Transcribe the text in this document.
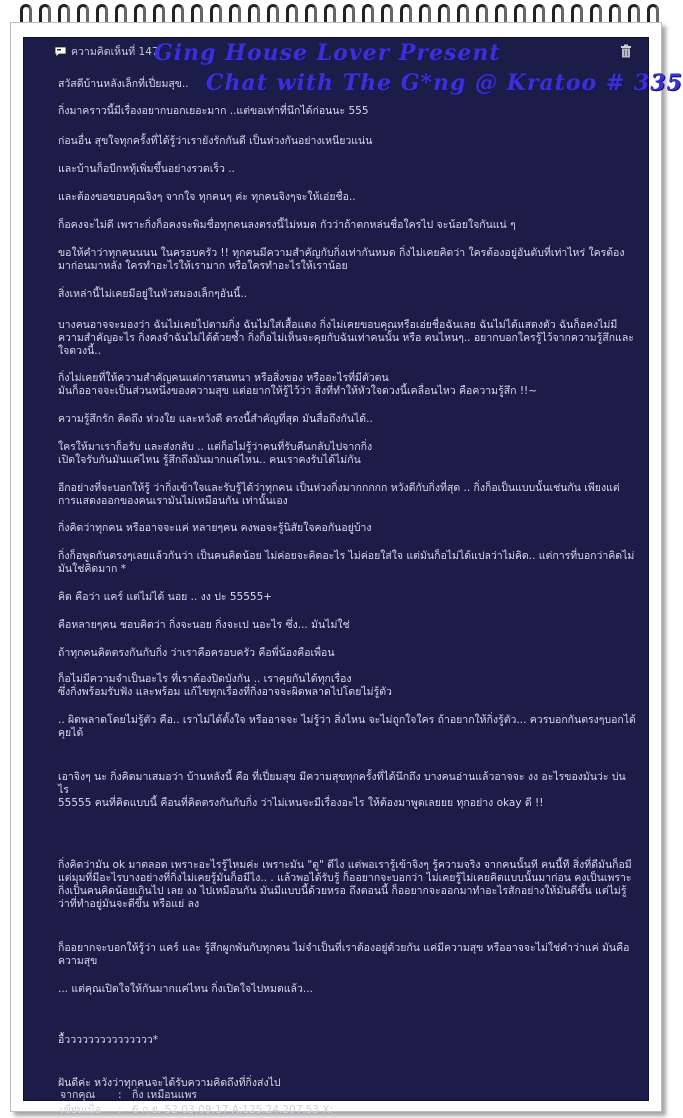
ความคิดเห็นที่ 147
Ging House Lover Present
Chat with The G*ng @ Kratoo # 335
สวัสดีบ้านหลังเล็กที่เปี่ยมสุข..
กิ่งมาคราวนี้มีเรื่องอยากบอกเยอะมาก ..แต่ขอเท่าที่นึกได้ก่อนนะ 555
ก่อนอื่น สุขใจทุกครั้งที่ได้รู้ว่าเรายังรักกันดี เป็นห่วงกันอย่างเหนียวแน่น
และบ้านก็อบีกหทุ้เพิ่มขึ้นอย่างรวดเร็ว ..
และต้องขอขอบคุณจิงๆ จากใจ ทุกคนๆ ค่ะ ทุกคนจิงๆจะให้เอ่ยชื่อ..
ก็อคงจะไม่ดี เพราะกิ่งก็อคงจะพิมชื่อทุกคนลงตรงนี้ไม่หมด กัวว่าถ้าตกหล่นชื่อใครไป จะน้อยใจกันแน่ ๆ
ขอให้คำว่าทุกคนนนน ในครอบครัว !! ทุกคนมีความสำคัญกับกิ่งเท่ากันหมด กิ่งไม่เคยคิดว่า ใครต้องอยู่อันดับที่เท่าไหร่ ใครต้องมาก่อนมาหลัง ใครทำอะไรให้เรามาก หรือใครทำอะไรให้เราน้อย
สิ่งเหล่านี้ไม่เคยมีอยู่ในหัวสมองเล็กๆอันนี้..
บางคนอาจจะมองว่า ฉันไม่เคยไปตามกิ่ง ฉันไม่ใส่เสื้อแดง กิ่งไม่เคยขอบคุณหรือเอ่ยชื่อฉันเลย ฉันไม่ได้แสดงตัว ฉันก็อคงไม่มีความสำคัญอะไร กิ่งคงจำฉันไม่ได้ด้วยซ้ำ กิ่งก็อไม่เห็นจะคุยกับฉันเท่าคนนั้น หรือ คนไหนๆ.. อยากบอกใครรู้ไว้จากความรู้สึกและใจดวงนี้..
กิ่งไม่เคยที่ให้ความสำคัญคนแต่การสนทนา หรือสิ่งของ หรืออะไรที่มีตัวตน
มันก็ออาจจะเป็นส่วนหนึ่งของความสุข แต่อยากให้รู้ไว้ว่า สิ่งที่ทำให้หัวใจดวงนี้เคลื่อนไหว คือความรู้สึก !!~
ความรู้สึกรัก คิดถึง ห่วงใย และหวังดี ตรงนี้สำคัญที่สุด มันสื่อถึงกันได้..
ใครให้มาเราก็อรับ และส่งกลับ .. แต่ก็อไม่รู้ว่าคนที่รับคืนกลับไปจากกิ่ง
เปิดใจรับกันมันแค่ไหน รู้สึกถึงมันมากแค่ไหน.. คนเราคงรับได้ไม่กัน
อีกอย่างที่จะบอกให้รู้ ว่ากิ่งเข้าใจและรับรู้ได้ว่าทุกคน เป็นห่วงกิ่งมากกกกก หวังดีกับกิ่งที่สุด .. กิ่งก็อเป็นแบบนั้นเช่นกัน เพียงแต่การแสดงออกของคนเรามันไม่เหมือนกัน เท่านั้นเอง
กิ่งคิดว่าทุกคน หรืออาจจะแค่ หลายๆคน คงพอจะรู้นิสัยใจคอกันอยู่บ้าง
กิ่งก็อพูดกันตรงๆเลยแล้วกันว่า เป็นคนคิดน้อย ไม่ค่อยจะคิดอะไร ไม่ค่อยใส่ใจ แต่มันก็อไม่ได้แปลว่าไม่คิด.. แต่การที่บอกว่าคิดไม่มันใช่คิดมาก *
คิด คือว่า แคร์ แต่ไม่ได้ นอย .. งง ปะ 55555+
คือหลายๆคน ชอบคิดว่า กิ่งจะนอย กิ่งจะเป นอะไร ซึ่ง... มันไม่ใช่
ถ้าทุกคนคิดตรงกันกับกิ่ง ว่าเราคือครอบครัว คือพี่น้องคือเพื่อน
ก็อไม่มีความจำเป็นอะไร ที่เราต้องปิดบังกัน .. เราคุยกันได้ทุกเรื่อง
ซึ่งกิ่งพร้อมรับฟัง และพร้อม แก้ไขทุกเรื่องที่กิ่งอาจจะผิดพลาดไปโดยไม่รู้ตัว
.. ผิดพลาดโดยไม่รู้ตัว คือ.. เราไม่ได้ตั้งใจ หรืออาจจะ ไม่รู้ว่า สิ่งไหน จะไม่ถูกใจใคร ถ้าอยากให้กิ่งรู้ตัว... ควรบอกกันตรงๆบอกได้ คุยได้
เอาจิงๆ นะ กิ่งคิดมาเสมอว่า บ้านหลังนี้ คือ ที่เปี่ยมสุข มีความสุขทุกครั้งที่ได้นึกถึง บางคนอ่านแล้วอาจจะ งง อะไรของมันว่ะ บ่นไร
55555 คนที่คิดแบบนี้ คือนที่คิดตรงกันกับกิ่ง ว่าไม่เหนจะมีเรื่องอะไร ให้ต้องมาพูดเลยยย ทุกอย่าง okay ดี !!
กิ่งคิดว่ามัน ok มาตลอด เพราะอะไรรู้ไหมค่ะ เพราะมัน "ดู" ดีไง แต่พอเรารู้เข้าจิงๆ รู้ความจริง จากคนนั้นที คนนี้ที สิ่งที่ดีมันก็อมี แต่มุมที่มีอะไรบางอย่างที่กิ่งไม่เคยรู้มันก็อมีไง.. . แล้วพอได้รับรู้ ก็ออยากจะบอกว่า ไม่เคยรู้ไม่เคยคิดแบบนั้นมาก่อน คงเป็นเพราะกิ่งเป็นคนคิดน้อยเกินไป เลย งง ไปเหมือนกัน มันมีแบบนี้ด้วยหรอ ถึงตอนนี้ ก็ออยากจะออกมาทำอะไรสักอย่างให้มันดีขึ้น แต่ไม่รู้ว่าที่ทำอยู่มันจะดีขึ้น หรือแย่ ลง
ก็ออยากจะบอกให้รู้ว่า แคร์ และ รู้สึกผูกพันกับทุกคน ไม่จำเป็นที่เราต้องอยู่ด้วยกัน แค่มีความสุข หรืออาจจะไม่ใช่คำว่าแค่ มันคือความสุข
... แต่คุณเปิดใจให้กันมากแค่ไหน กิ่งเปิดใจไปหมดแล้ว...
อื้ววววววววววววววว*
ฝันดีค่ะ หวังว่าทุกคนจะได้รับความคิดถึงที่กิ่งส่งไป
จากคุณ	: กิ่ง เหมือนแพร
เขียนเมื่อ	: 6 ก.ย. 52 03:09:17 A:125.24.207.53 X:
